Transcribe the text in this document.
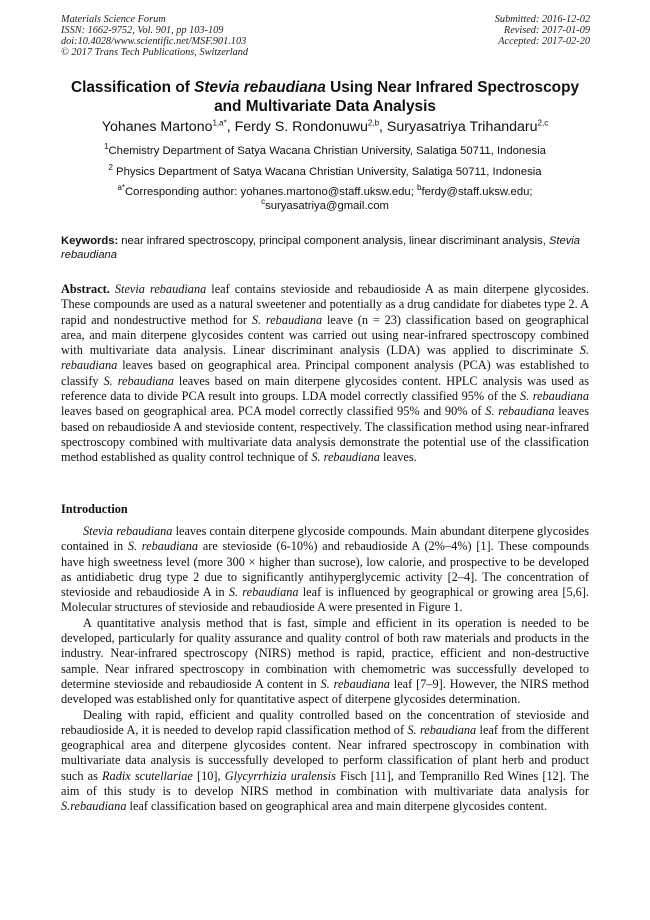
Materials Science Forum
ISSN: 1662-9752, Vol. 901, pp 103-109
doi:10.4028/www.scientific.net/MSF.901.103
© 2017 Trans Tech Publications, Switzerland
Submitted: 2016-12-02
Revised: 2017-01-09
Accepted: 2017-02-20
Classification of Stevia rebaudiana Using Near Infrared Spectroscopy
and Multivariate Data Analysis
Yohanes Martono$^{1,a*}$, Ferdy S. Rondonuwu$^{2,b}$, Suryasatriya Trihandaru$^{2,c}$
$^1$Chemistry Department of Satya Wacana Christian University, Salatiga 50711, Indonesia
$^2$ Physics Department of Satya Wacana Christian University, Salatiga 50711, Indonesia
$^{a*}$Corresponding author: yohanes.martono@staff.uksw.edu; $^b$ferdy@staff.uksw.edu;
$^c$suryasatriya@gmail.com
Keywords: near infrared spectroscopy, principal component analysis, linear discriminant analysis, Stevia rebaudiana

Abstract. Stevia rebaudiana leaf contains stevioside and rebaudioside A as main diterpene glycosides. These compounds are used as a natural sweetener and potentially as a drug candidate for diabetes type 2. A rapid and nondestructive method for S. rebaudiana leave (n = 23) classification based on geographical area, and main diterpene glycosides content was carried out using near-infrared spectroscopy combined with multivariate data analysis. Linear discriminant analysis (LDA) was applied to discriminate S. rebaudiana leaves based on geographical area. Principal component analysis (PCA) was established to classify S. rebaudiana leaves based on main diterpene glycosides content. HPLC analysis was used as reference data to divide PCA result into groups. LDA model correctly classified 95% of the S. rebaudiana leaves based on geographical area. PCA model correctly classified 95% and 90% of S. rebaudiana leaves based on rebaudioside A and stevioside content, respectively. The classification method using near-infrared spectroscopy combined with multivariate data analysis demonstrate the potential use of the classification method established as quality control technique of S. rebaudiana leaves.

Introduction

Stevia rebaudiana leaves contain diterpene glycoside compounds. Main abundant diterpene glycosides contained in S. rebaudiana are stevioside (6-10%) and rebaudioside A (2%–4%) [1]. These compounds have high sweetness level (more 300 × higher than sucrose), low calorie, and prospective to be developed as antidiabetic drug type 2 due to significantly antihyperglycemic activity [2–4]. The concentration of stevioside and rebaudioside A in S. rebaudiana leaf is influenced by geographical or growing area [5,6]. Molecular structures of stevioside and rebaudioside A were presented in Figure 1.

A quantitative analysis method that is fast, simple and efficient in its operation is needed to be developed, particularly for quality assurance and quality control of both raw materials and products in the industry. Near-infrared spectroscopy (NIRS) method is rapid, practice, efficient and non-destructive sample. Near infrared spectroscopy in combination with chemometric was successfully developed to determine stevioside and rebaudioside A content in S. rebaudiana leaf [7–9]. However, the NIRS method developed was established only for quantitative aspect of diterpene glycosides determination.

Dealing with rapid, efficient and quality controlled based on the concentration of stevioside and rebaudioside A, it is needed to develop rapid classification method of S. rebaudiana leaf from the different geographical area and diterpene glycosides content. Near infrared spectroscopy in combination with multivariate data analysis is successfully developed to perform classification of plant herb and product such as Radix scutellariae [10], Glycyrrhizia uralensis Fisch [11], and Tempranillo Red Wines [12]. The aim of this study is to develop NIRS method in combination with multivariate data analysis for S.rebaudiana leaf classification based on geographical area and main diterpene glycosides content.
